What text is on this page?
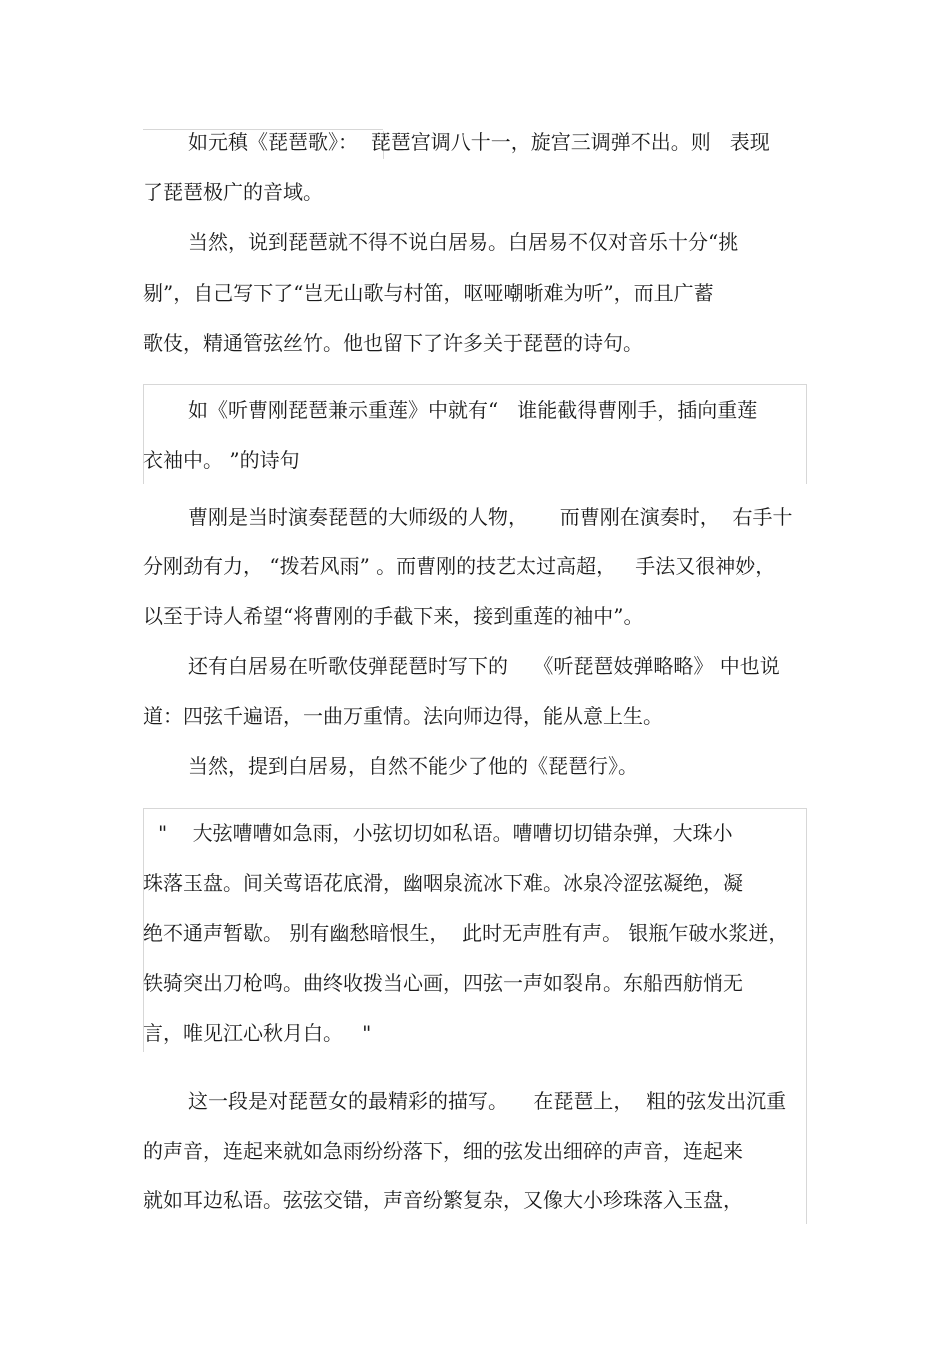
如元稹《琵琶歌》：  琵琶宫调八十一，旋宫三调弹不出。则   表现
了琵琶极广的音域。
当然，说到琵琶就不得不说白居易。白居易不仅对音乐十分“挑
剔”，自己写下了“岂无山歌与村笛，呕哑嘲哳难为听”，而且广蓄
歌伎，精通管弦丝竹。他也留下了许多关于琵琶的诗句。
如《听曹刚琵琶兼示重莲》中就有“   谁能截得曹刚手，插向重莲
衣袖中。 ”的诗句
曹刚是当时演奏琵琶的大师级的人物，     而曹刚在演奏时，  右手十
分刚劲有力， “拨若风雨” 。而曹刚的技艺太过高超，   手法又很神妙，
以至于诗人希望“将曹刚的手截下来，接到重莲的袖中”。
还有白居易在听歌伎弹琵琶时写下的    《听琵琶妓弹略略》 中也说
道：四弦千遍语，一曲万重情。法向师边得，能从意上生。
当然，提到白居易，自然不能少了他的《琵琶行》。
"    大弦嘈嘈如急雨，小弦切切如私语。嘈嘈切切错杂弹，大珠小
珠落玉盘。间关莺语花底滑，幽咽泉流冰下难。冰泉冷涩弦凝绝，凝
绝不通声暂歇。 别有幽愁暗恨生，  此时无声胜有声。 银瓶乍破水浆迸，
铁骑突出刀枪鸣。曲终收拨当心画，四弦一声如裂帛。东船西舫悄无
言，唯见江心秋月白。   "
这一段是对琵琶女的最精彩的描写。    在琵琶上，  粗的弦发出沉重
的声音，连起来就如急雨纷纷落下，细的弦发出细碎的声音，连起来
就如耳边私语。弦弦交错，声音纷繁复杂，又像大小珍珠落入玉盘，
